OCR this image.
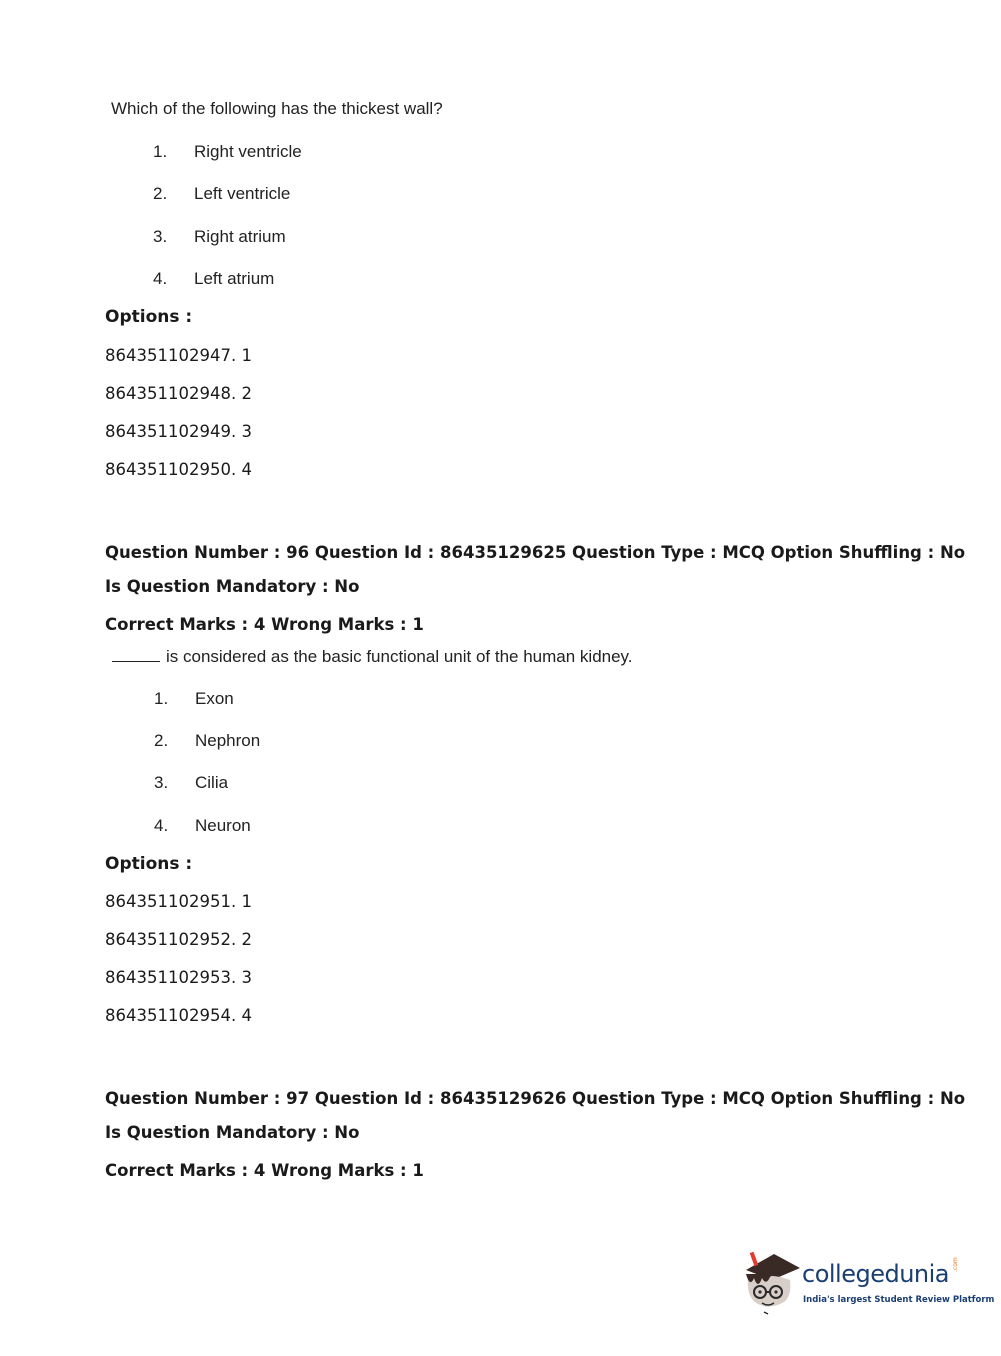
Which of the following has the thickest wall?
1. Right ventricle
2. Left ventricle
3. Right atrium
4. Left atrium
Options :
864351102947. 1
864351102948. 2
864351102949. 3
864351102950. 4
Question Number : 96 Question Id : 86435129625 Question Type : MCQ Option Shuffling : No
Is Question Mandatory : No
Correct Marks : 4 Wrong Marks : 1
is considered as the basic functional unit of the human kidney.
1. Exon
2. Nephron
3. Cilia
4. Neuron
Options :
864351102951. 1
864351102952. 2
864351102953. 3
864351102954. 4
Question Number : 97 Question Id : 86435129626 Question Type : MCQ Option Shuffling : No
Is Question Mandatory : No
Correct Marks : 4 Wrong Marks : 1
collegedunia .com
India's largest Student Review Platform
